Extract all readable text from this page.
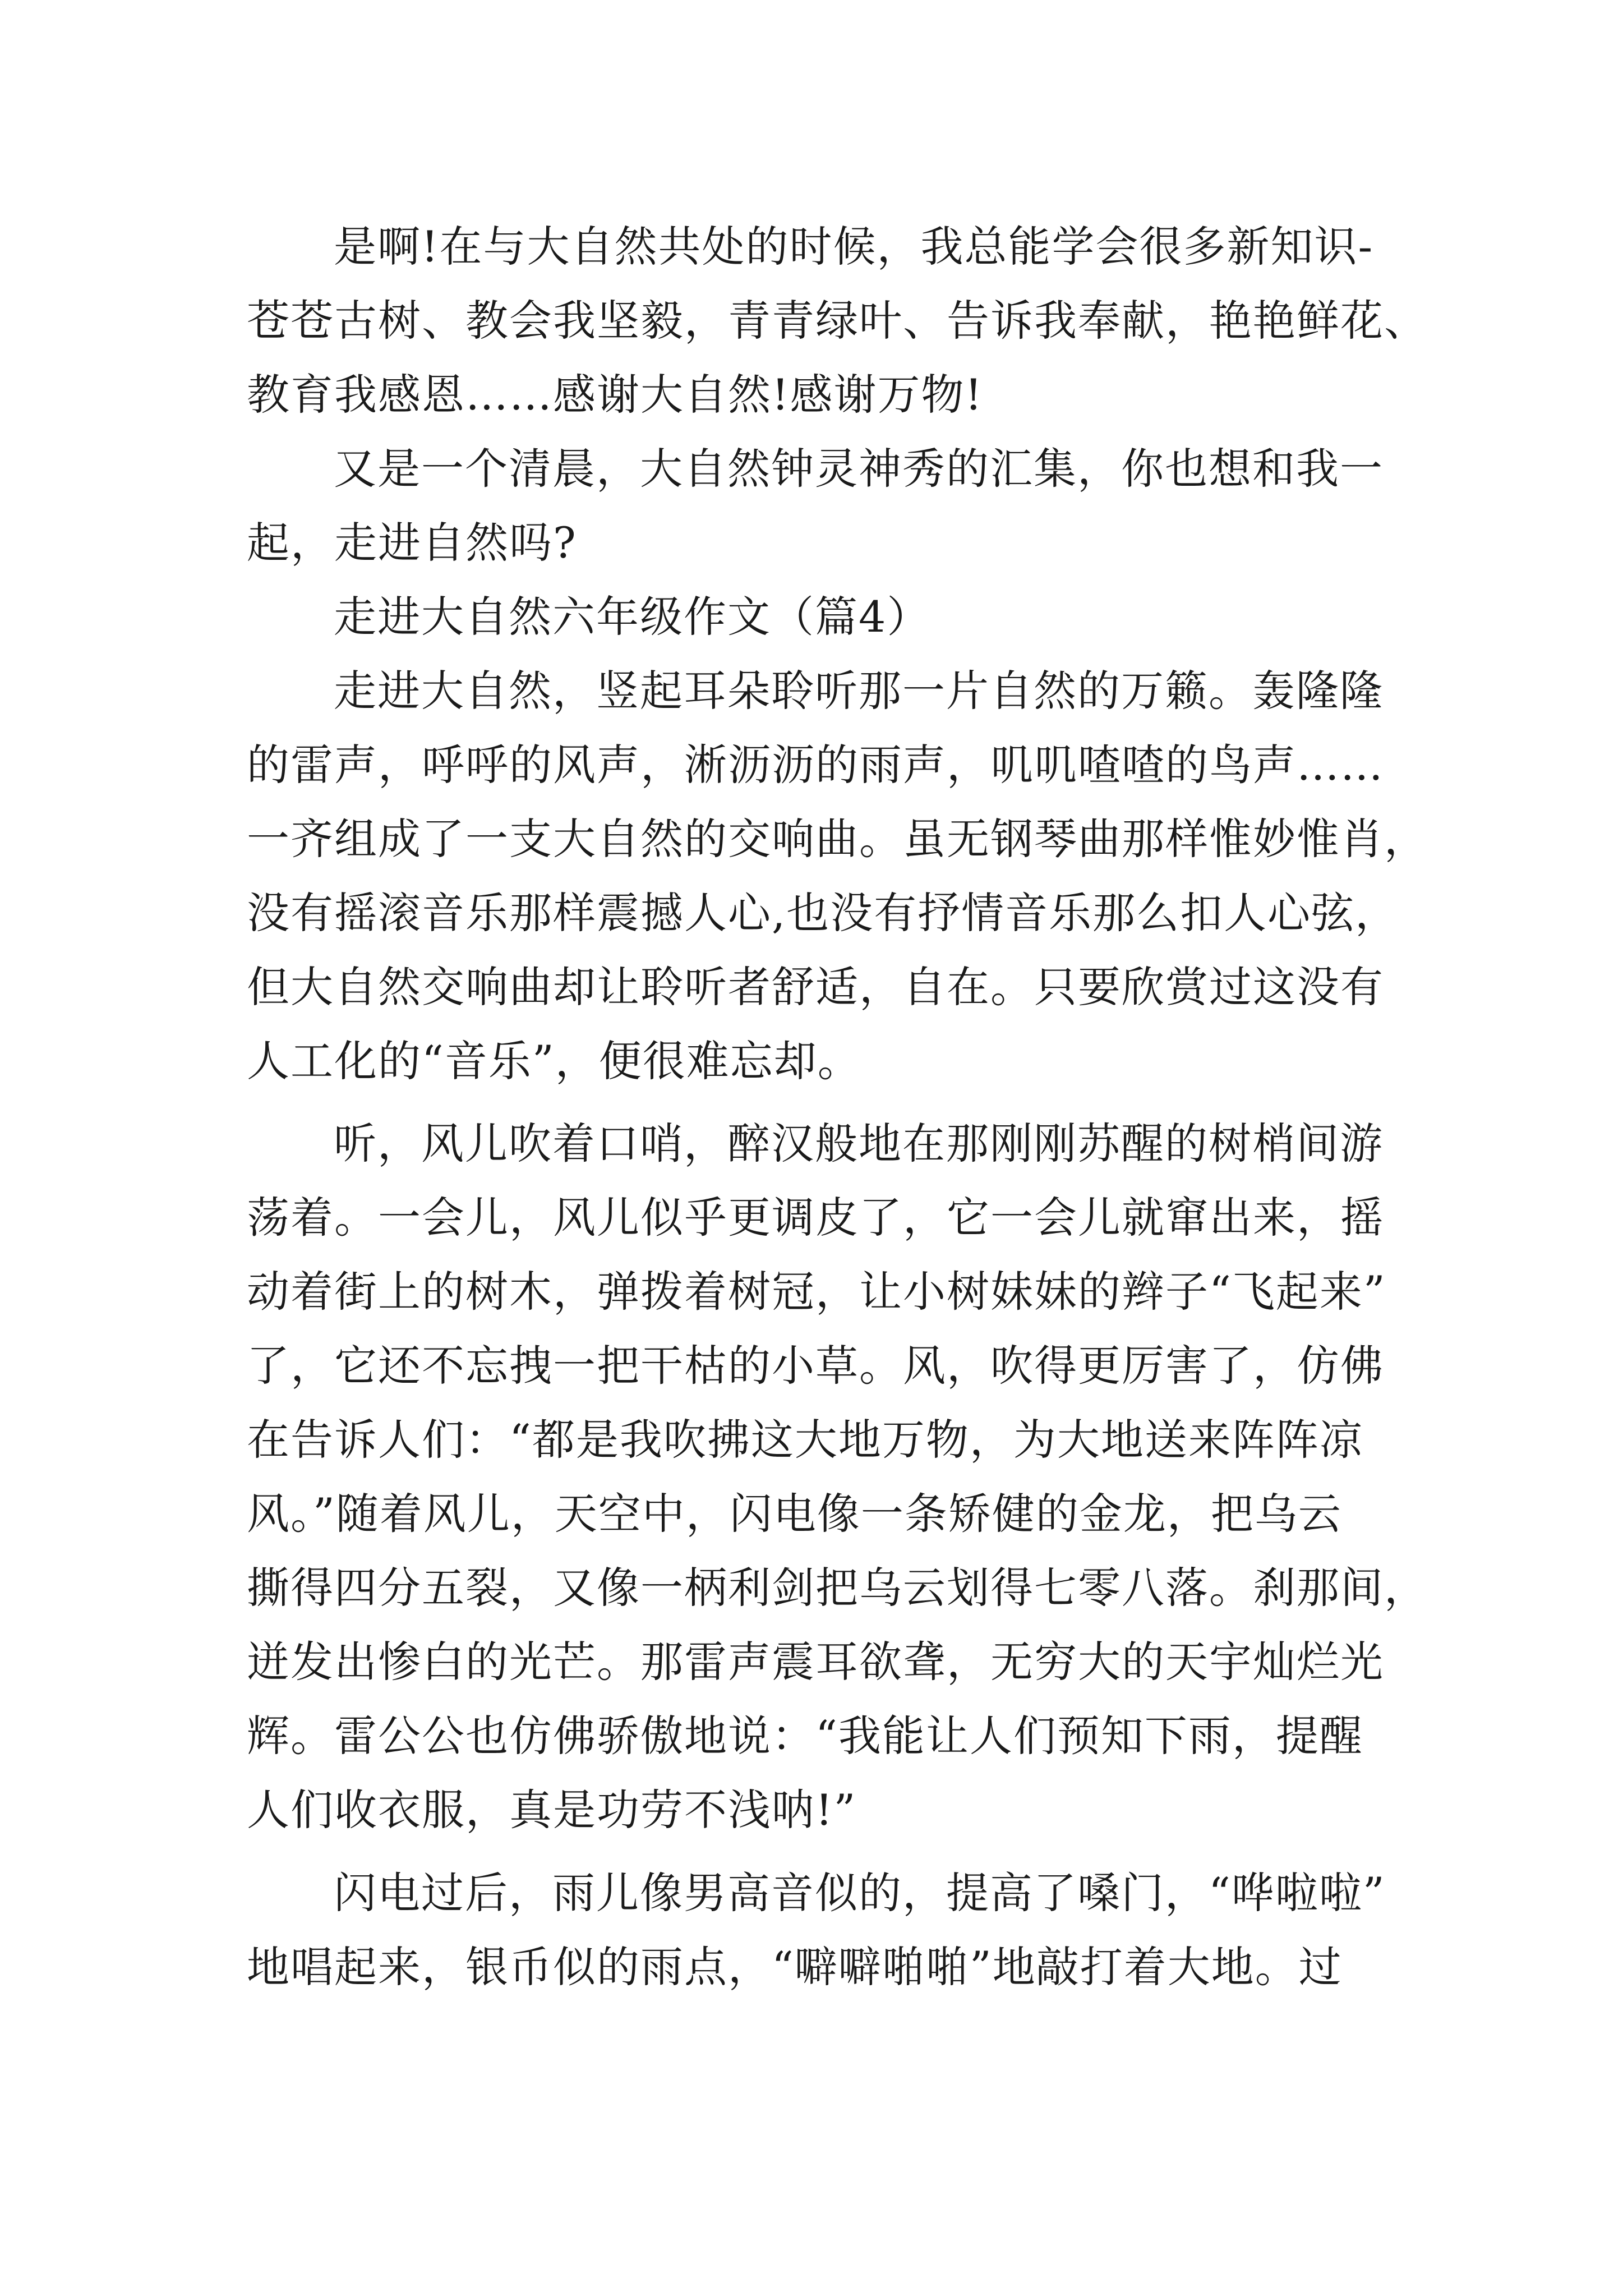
是啊!在与大自然共处的时候，我总能学会很多新知识-
苍苍古树、教会我坚毅，青青绿叶、告诉我奉献，艳艳鲜花、
教育我感恩……感谢大自然!感谢万物!
又是一个清晨，大自然钟灵神秀的汇集，你也想和我一
起，走进自然吗?
走进大自然六年级作文（篇4）
走进大自然，竖起耳朵聆听那一片自然的万籁。轰隆隆
的雷声，呼呼的风声，淅沥沥的雨声，叽叽喳喳的鸟声……
一齐组成了一支大自然的交响曲。虽无钢琴曲那样惟妙惟肖，
没有摇滚音乐那样震撼人心,也没有抒情音乐那么扣人心弦，
但大自然交响曲却让聆听者舒适，自在。只要欣赏过这没有
人工化的“音乐”，便很难忘却。
听，风儿吹着口哨，醉汉般地在那刚刚苏醒的树梢间游
荡着。一会儿，风儿似乎更调皮了，它一会儿就窜出来，摇
动着街上的树木，弹拨着树冠，让小树妹妹的辫子“飞起来”
了，它还不忘拽一把干枯的小草。风，吹得更厉害了，仿佛
在告诉人们：“都是我吹拂这大地万物，为大地送来阵阵凉
风。”随着风儿，天空中，闪电像一条矫健的金龙，把乌云
撕得四分五裂，又像一柄利剑把乌云划得七零八落。刹那间，
迸发出惨白的光芒。那雷声震耳欲聋，无穷大的天宇灿烂光
辉。雷公公也仿佛骄傲地说：“我能让人们预知下雨，提醒
人们收衣服，真是功劳不浅呐!”
闪电过后，雨儿像男高音似的，提高了嗓门，“哗啦啦”
地唱起来，银币似的雨点，“噼噼啪啪”地敲打着大地。过
